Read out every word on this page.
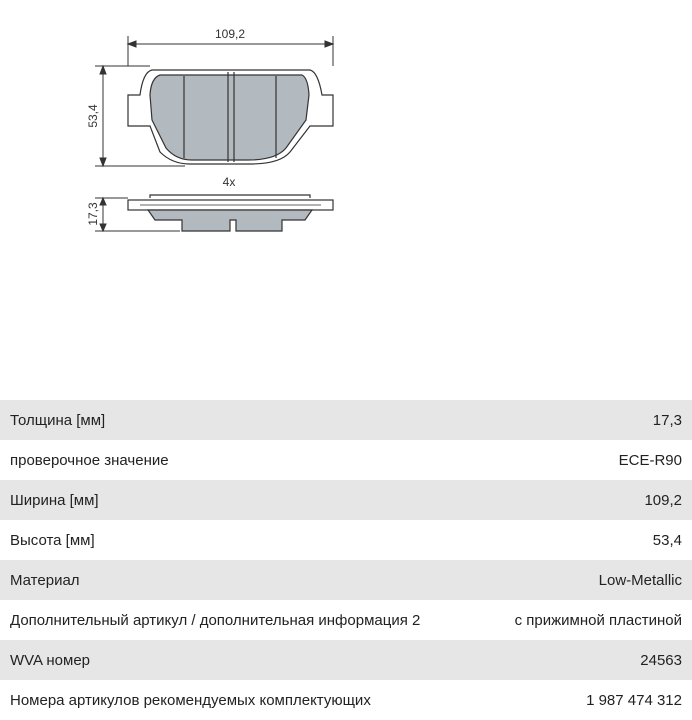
109,2
53,4
4x
17,3
Толщина [мм]	17,3
проверочное значение	ECE-R90
Ширина [мм]	109,2
Высота [мм]	53,4
Материал	Low-Metallic
Дополнительный артикул / дополнительная информация 2	с прижимной пластиной
WVA номер	24563
Номера артикулов рекомендуемых комплектующих	1 987 474 312
